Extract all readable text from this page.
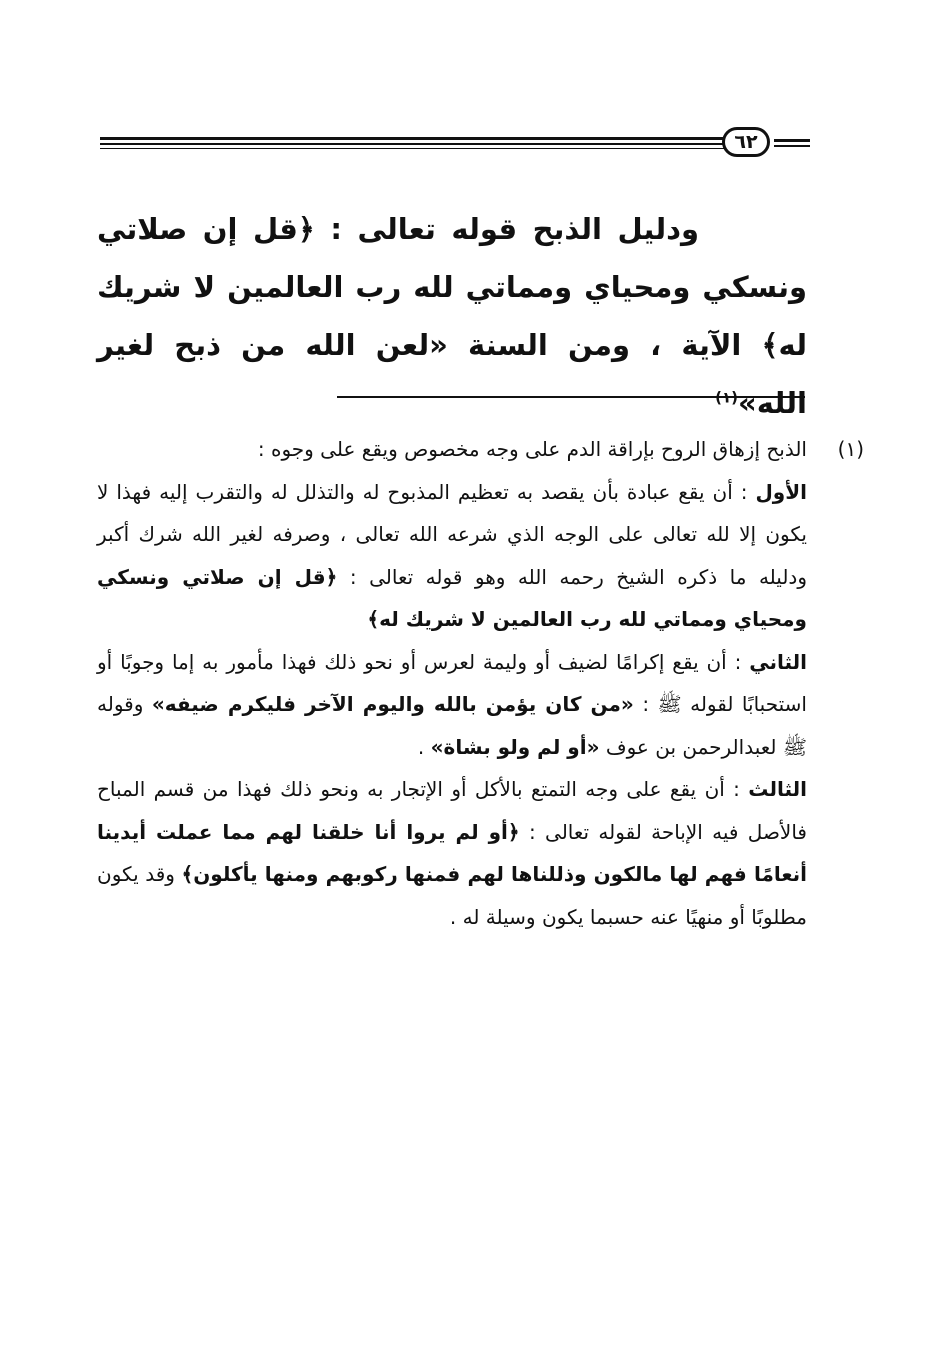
٦٢

ودليل الذبح قوله تعالى : ﴿قل إن صلاتي ونسكي ومحياي ومماتي لله رب العالمين لا شريك له﴾ الآية ، ومن السنة «لعن الله من ذبح لغير الله»$^{(١)}$

(١)الذبح إزهاق الروح بإراقة الدم على وجه مخصوص ويقع على وجوه :

الأول : أن يقع عبادة بأن يقصد به تعظيم المذبوح له والتذلل له والتقرب إليه فهذا لا يكون إلا لله تعالى على الوجه الذي شرعه الله تعالى ، وصرفه لغير الله شرك أكبر ودليله ما ذكره الشيخ رحمه الله وهو قوله تعالى : ﴿قل إن صلاتي ونسكي ومحياي ومماتي لله رب العالمين لا شريك له﴾

الثاني : أن يقع إكرامًا لضيف أو وليمة لعرس أو نحو ذلك فهذا مأمور به إما وجوبًا أو استحبابًا لقوله ﷺ : «من كان يؤمن بالله واليوم الآخر فليكرم ضيفه» وقوله ﷺ لعبدالرحمن بن عوف «أو لم ولو بشاة» .

الثالث : أن يقع على وجه التمتع بالأكل أو الإتجار به ونحو ذلك فهذا من قسم المباح فالأصل فيه الإباحة لقوله تعالى : ﴿أو لم يروا أنا خلقنا لهم مما عملت أيدينا أنعامًا فهم لها مالكون وذللناها لهم فمنها ركوبهم ومنها يأكلون﴾ وقد يكون مطلوبًا أو منهيًا عنه حسبما يكون وسيلة له .
